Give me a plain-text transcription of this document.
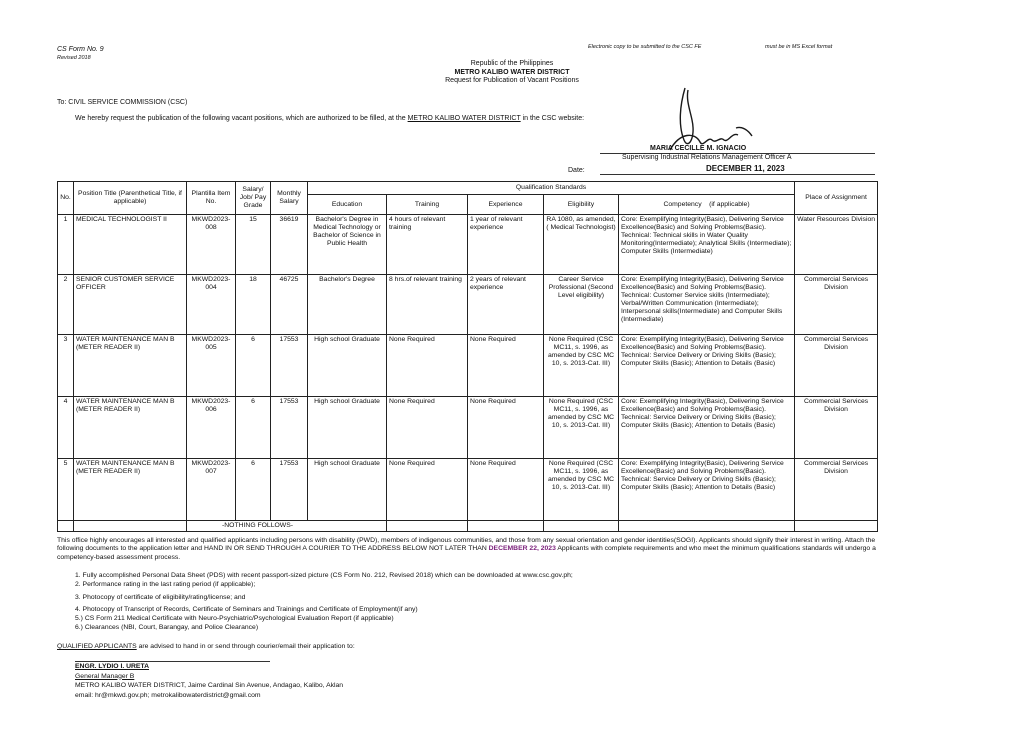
CS Form No. 9
Revised 2018
Electronic copy to be submitted to the CSC FE	must be in MS Excel format
Republic of the Philippines
METRO KALIBO WATER DISTRICT
Request for Publication of Vacant Positions
To: CIVIL SERVICE COMMISSION (CSC)
We hereby request the publication of the following vacant positions, which are authorized to be filled, at the METRO KALIBO WATER DISTRICT in the CSC website:
MARIA CECILLE M. IGNACIO
Supervising Industrial Relations Management Officer A
Date:	DECEMBER 11, 2023
No.	Position Title (Parenthetical Title, if applicable)	Plantilla Item No.	Salary/ Job/ Pay Grade	Monthly Salary	Qualification Standards					Place of Assignment
					Education	Training	Experience	Eligibility	Competency (if applicable)	
1	MEDICAL TECHNOLOGIST II	MKWD2023-008	15	36619	Bachelor's Degree in Medical Technology or Bachelor of Science in Public Health	4 hours of relevant training	1 year of relevant experience	RA 1080, as amended,( Medical Technologist)	Core: Exemplifying Integrity(Basic), Delivering Service Excellence(Basic) and Solving Problems(Basic). Technical: Technical skills in Water Quality Monitoring(Intermediate); Analytical Skills (Intermediate); Computer Skills (Intermediate)	Water Resources Division
2	SENIOR CUSTOMER SERVICE OFFICER	MKWD2023-004	18	46725	Bachelor's Degree	8 hrs.of relevant training	2 years of relevant experience	Career Service Professional (Second Level eligibility)	Core: Exemplifying Integrity(Basic), Delivering Service Excellence(Basic) and Solving Problems(Basic). Technical: Customer Service skills (Intermediate); Verbal/Written Communication (Intermediate); Interpersonal skills(Intermediate) and Computer Skills (Intermediate)	Commercial Services Division
3	WATER MAINTENANCE MAN B (METER READER II)	MKWD2023-005	6	17553	High school Graduate	None Required	None Required	None Required (CSC MC11, s. 1996, as amended by CSC MC 10, s. 2013-Cat. III)	Core: Exemplifying Integrity(Basic), Delivering Service Excellence(Basic) and Solving Problems(Basic). Technical: Service Delivery or Driving Skills (Basic); Computer Skills (Basic); Attention to Details (Basic)	Commercial Services Division
4	WATER MAINTENANCE MAN B (METER READER II)	MKWD2023-006	6	17553	High school Graduate	None Required	None Required	None Required (CSC MC11, s. 1996, as amended by CSC MC 10, s. 2013-Cat. III)	Core: Exemplifying Integrity(Basic), Delivering Service Excellence(Basic) and Solving Problems(Basic). Technical: Service Delivery or Driving Skills (Basic); Computer Skills (Basic); Attention to Details (Basic)	Commercial Services Division
5	WATER MAINTENANCE MAN B (METER READER II)	MKWD2023-007	6	17553	High school Graduate	None Required	None Required	None Required (CSC MC11, s. 1996, as amended by CSC MC 10, s. 2013-Cat. III)	Core: Exemplifying Integrity(Basic), Delivering Service Excellence(Basic) and Solving Problems(Basic). Technical: Service Delivery or Driving Skills (Basic); Computer Skills (Basic); Attention to Details (Basic)	Commercial Services Division
		-NOTHING FOLLOWS-								
This office highly encourages all interested and qualified applicants including persons with disability (PWD), members of indigenous communities, and those from any sexual orientation and gender identities(SOGI). Applicants should signify their interest in writing. Attach the following documents to the application letter and HAND IN OR SEND THROUGH A COURIER TO THE ADDRESS BELOW NOT LATER THAN DECEMBER 22, 2023 Applicants with complete requirements and who meet the minimum qualifications standards will undergo a competency-based assessment process.
1. Fully accomplished Personal Data Sheet (PDS) with recent passport-sized picture (CS Form No. 212, Revised 2018) which can be downloaded at www.csc.gov.ph;
2. Performance rating in the last rating period (if applicable);
3. Photocopy of certificate of eligibility/rating/license; and
4. Photocopy of Transcript of Records, Certificate of Seminars and Trainings and Certificate of Employment(if any)
5.) CS Form 211 Medical Certificate with Neuro-Psychiatric/Psychological Evaluation Report (if applicable)
6.) Clearances (NBI, Court, Barangay, and Police Clearance)
QUALIFIED APPLICANTS are advised to hand in or send through courier/email their application to:
ENGR. LYDIO I. URETA
General Manager B
METRO KALIBO WATER DISTRICT, Jaime Cardinal Sin Avenue, Andagao, Kalibo, Aklan
email: hr@mkwd.gov.ph; metrokalibowaterdistrict@gmail.com
